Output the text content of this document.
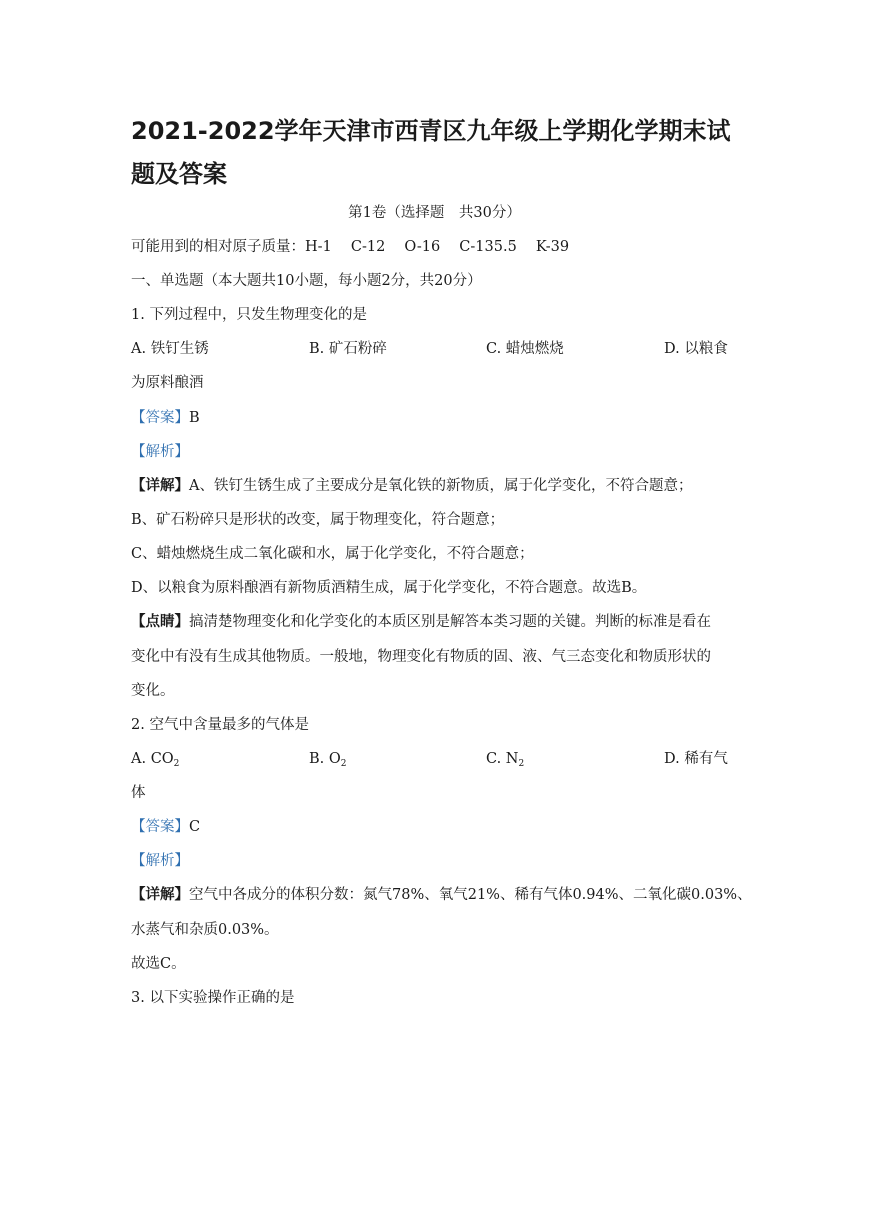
2021-2022学年天津市西青区九年级上学期化学期末试题及答案
第1卷（选择题　共30分）
可能用到的相对原子质量：H-1　 C-12　 O-16　 C-135.5　 K-39
一、单选题（本大题共10小题，每小题2分，共20分）
1. 下列过程中，只发生物理变化的是
A. 铁钉生锈	B. 矿石粉碎	C. 蜡烛燃烧	D. 以粮食
为原料酿酒
【答案】B
【解析】
【详解】A、铁钉生锈生成了主要成分是氧化铁的新物质，属于化学变化，不符合题意；
B、矿石粉碎只是形状的改变，属于物理变化，符合题意；
C、蜡烛燃烧生成二氧化碳和水，属于化学变化，不符合题意；
D、以粮食为原料酿酒有新物质酒精生成，属于化学变化，不符合题意。故选B。
【点睛】搞清楚物理变化和化学变化的本质区别是解答本类习题的关键。判断的标准是看在
变化中有没有生成其他物质。一般地，物理变化有物质的固、液、气三态变化和物质形状的
变化。
2. 空气中含量最多的气体是
A. $CO_2$	B. $O_2$	C. $N_2$	D. 稀有气
体
【答案】C
【解析】
【详解】空气中各成分的体积分数：氮气78%、氧气21%、稀有气体0.94%、二氧化碳0.03%、
水蒸气和杂质0.03%。
故选C。
3. 以下实验操作正确的是
